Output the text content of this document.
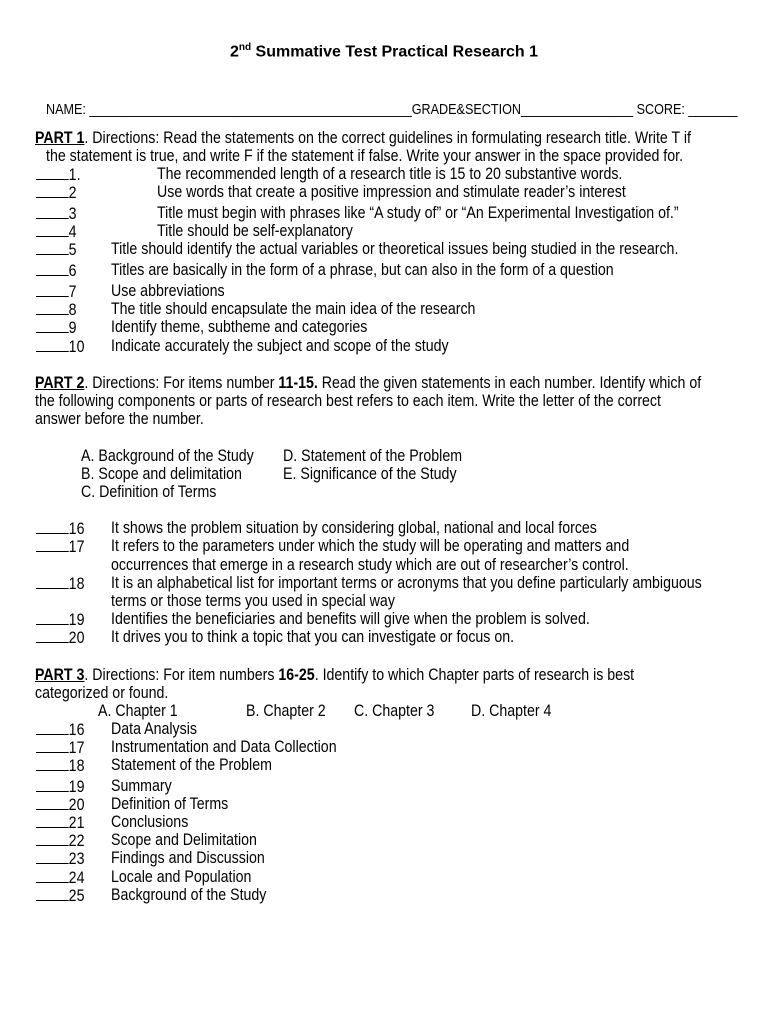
2nd Summative Test Practical Research 1
NAME: ______________________________________________GRADE&SECTION________________ SCORE: _______
PART 1. Directions: Read the statements on the correct guidelines in formulating research title. Write T if
the statement is true, and write F if the statement if false. Write your answer in the space provided for.
1.	The recommended length of a research title is 15 to 20 substantive words.
2	Use words that create a positive impression and stimulate reader’s interest
3	Title must begin with phrases like “A study of” or “An Experimental Investigation of.”
4	Title should be self-explanatory
5 Title should identify the actual variables or theoretical issues being studied in the research.
6 Titles are basically in the form of a phrase, but can also in the form of a question
7 Use abbreviations
8 The title should encapsulate the main idea of the research
9 Identify theme, subtheme and categories
10 Indicate accurately the subject and scope of the study
PART 2. Directions: For items number 11-15. Read the given statements in each number. Identify which of
the following components or parts of research best refers to each item. Write the letter of the correct
answer before the number.
A. Background of the Study D. Statement of the Problem
B. Scope and delimitation E. Significance of the Study
C. Definition of Terms
16 It shows the problem situation by considering global, national and local forces
17 It refers to the parameters under which the study will be operating and matters and
occurrences that emerge in a research study which are out of researcher’s control.
18 It is an alphabetical list for important terms or acronyms that you define particularly ambiguous
terms or those terms you used in special way
19 Identifies the beneficiaries and benefits will give when the problem is solved.
20 It drives you to think a topic that you can investigate or focus on.
PART 3. Directions: For item numbers 16-25. Identify to which Chapter parts of research is best
categorized or found.
A. Chapter 1	B. Chapter 2 C. Chapter 3 D. Chapter 4
16 Data Analysis
17 Instrumentation and Data Collection
18 Statement of the Problem
19 Summary
20 Definition of Terms
21 Conclusions
22 Scope and Delimitation
23 Findings and Discussion
24 Locale and Population
25 Background of the Study
